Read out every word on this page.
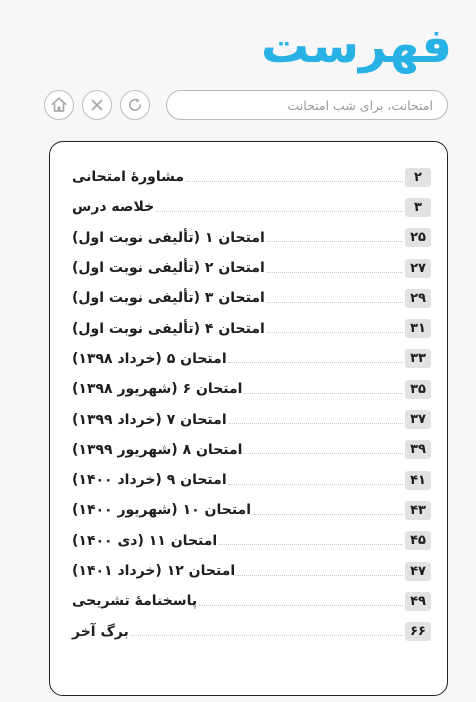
فهرست
امتحانت، برای شب امتحانت
مشاورهٔ امتحانی	۲
خلاصه درس	۳
امتحان ۱ (تألیفی نوبت اول)	۲۵
امتحان ۲ (تألیفی نوبت اول)	۲۷
امتحان ۳ (تألیفی نوبت اول)	۲۹
امتحان ۴ (تألیفی نوبت اول)	۳۱
امتحان ۵ (خرداد ۱۳۹۸)	۳۳
امتحان ۶ (شهریور ۱۳۹۸)	۳۵
امتحان ۷ (خرداد ۱۳۹۹)	۳۷
امتحان ۸ (شهریور ۱۳۹۹)	۳۹
امتحان ۹ (خرداد ۱۴۰۰)	۴۱
امتحان ۱۰ (شهریور ۱۴۰۰)	۴۳
امتحان ۱۱ (دی ۱۴۰۰)	۴۵
امتحان ۱۲ (خرداد ۱۴۰۱)	۴۷
پاسخنامهٔ تشریحی	۴۹
برگ آخر	۶۶
